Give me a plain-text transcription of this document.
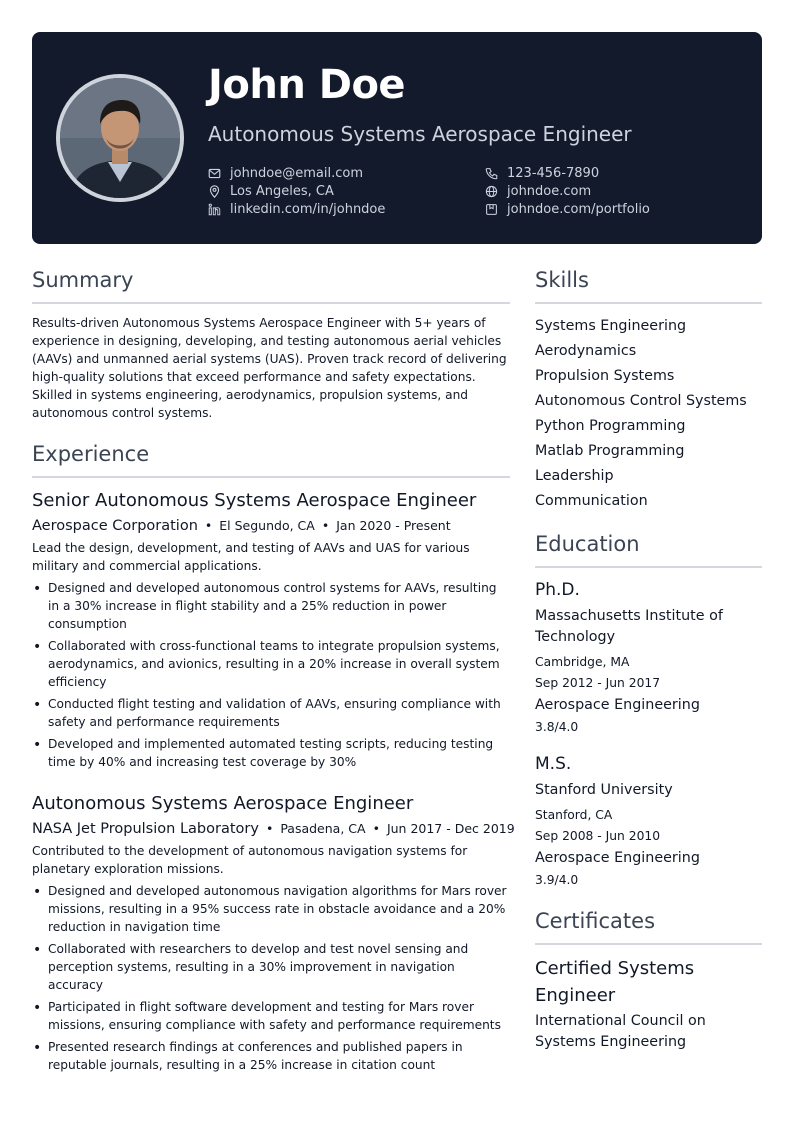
John Doe
Autonomous Systems Aerospace Engineer
johndoe@email.com	123-456-7890
Los Angeles, CA	johndoe.com
linkedin.com/in/johndoe	johndoe.com/portfolio
Summary

Results-driven Autonomous Systems Aerospace Engineer with 5+ years of experience in designing, developing, and testing autonomous aerial vehicles (AAVs) and unmanned aerial systems (UAS). Proven track record of delivering high-quality solutions that exceed performance and safety expectations. Skilled in systems engineering, aerodynamics, propulsion systems, and autonomous control systems.

Experience
Senior Autonomous Systems Aerospace Engineer
Aerospace Corporation • El Segundo, CA • Jan 2020 - Present

Lead the design, development, and testing of AAVs and UAS for various military and commercial applications.

• Designed and developed autonomous control systems for AAVs, resulting in a 30% increase in flight stability and a 25% reduction in power consumption
• Collaborated with cross-functional teams to integrate propulsion systems, aerodynamics, and avionics, resulting in a 20% increase in overall system efficiency
• Conducted flight testing and validation of AAVs, ensuring compliance with safety and performance requirements
• Developed and implemented automated testing scripts, reducing testing time by 40% and increasing test coverage by 30%
Autonomous Systems Aerospace Engineer
NASA Jet Propulsion Laboratory • Pasadena, CA • Jun 2017 - Dec 2019

Contributed to the development of autonomous navigation systems for planetary exploration missions.

• Designed and developed autonomous navigation algorithms for Mars rover missions, resulting in a 95% success rate in obstacle avoidance and a 20% reduction in navigation time
• Collaborated with researchers to develop and test novel sensing and perception systems, resulting in a 30% improvement in navigation accuracy
• Participated in flight software development and testing for Mars rover missions, ensuring compliance with safety and performance requirements
• Presented research findings at conferences and published papers in reputable journals, resulting in a 25% increase in citation count
Skills
Systems Engineering
Aerodynamics
Propulsion Systems
Autonomous Control Systems
Python Programming
Matlab Programming
Leadership
Communication
Education
Ph.D.
Massachusetts Institute of Technology
Cambridge, MA
Sep 2012 - Jun 2017
Aerospace Engineering
3.8/4.0
M.S.
Stanford University
Stanford, CA
Sep 2008 - Jun 2010
Aerospace Engineering
3.9/4.0
Certificates
Certified Systems Engineer
International Council on Systems Engineering
